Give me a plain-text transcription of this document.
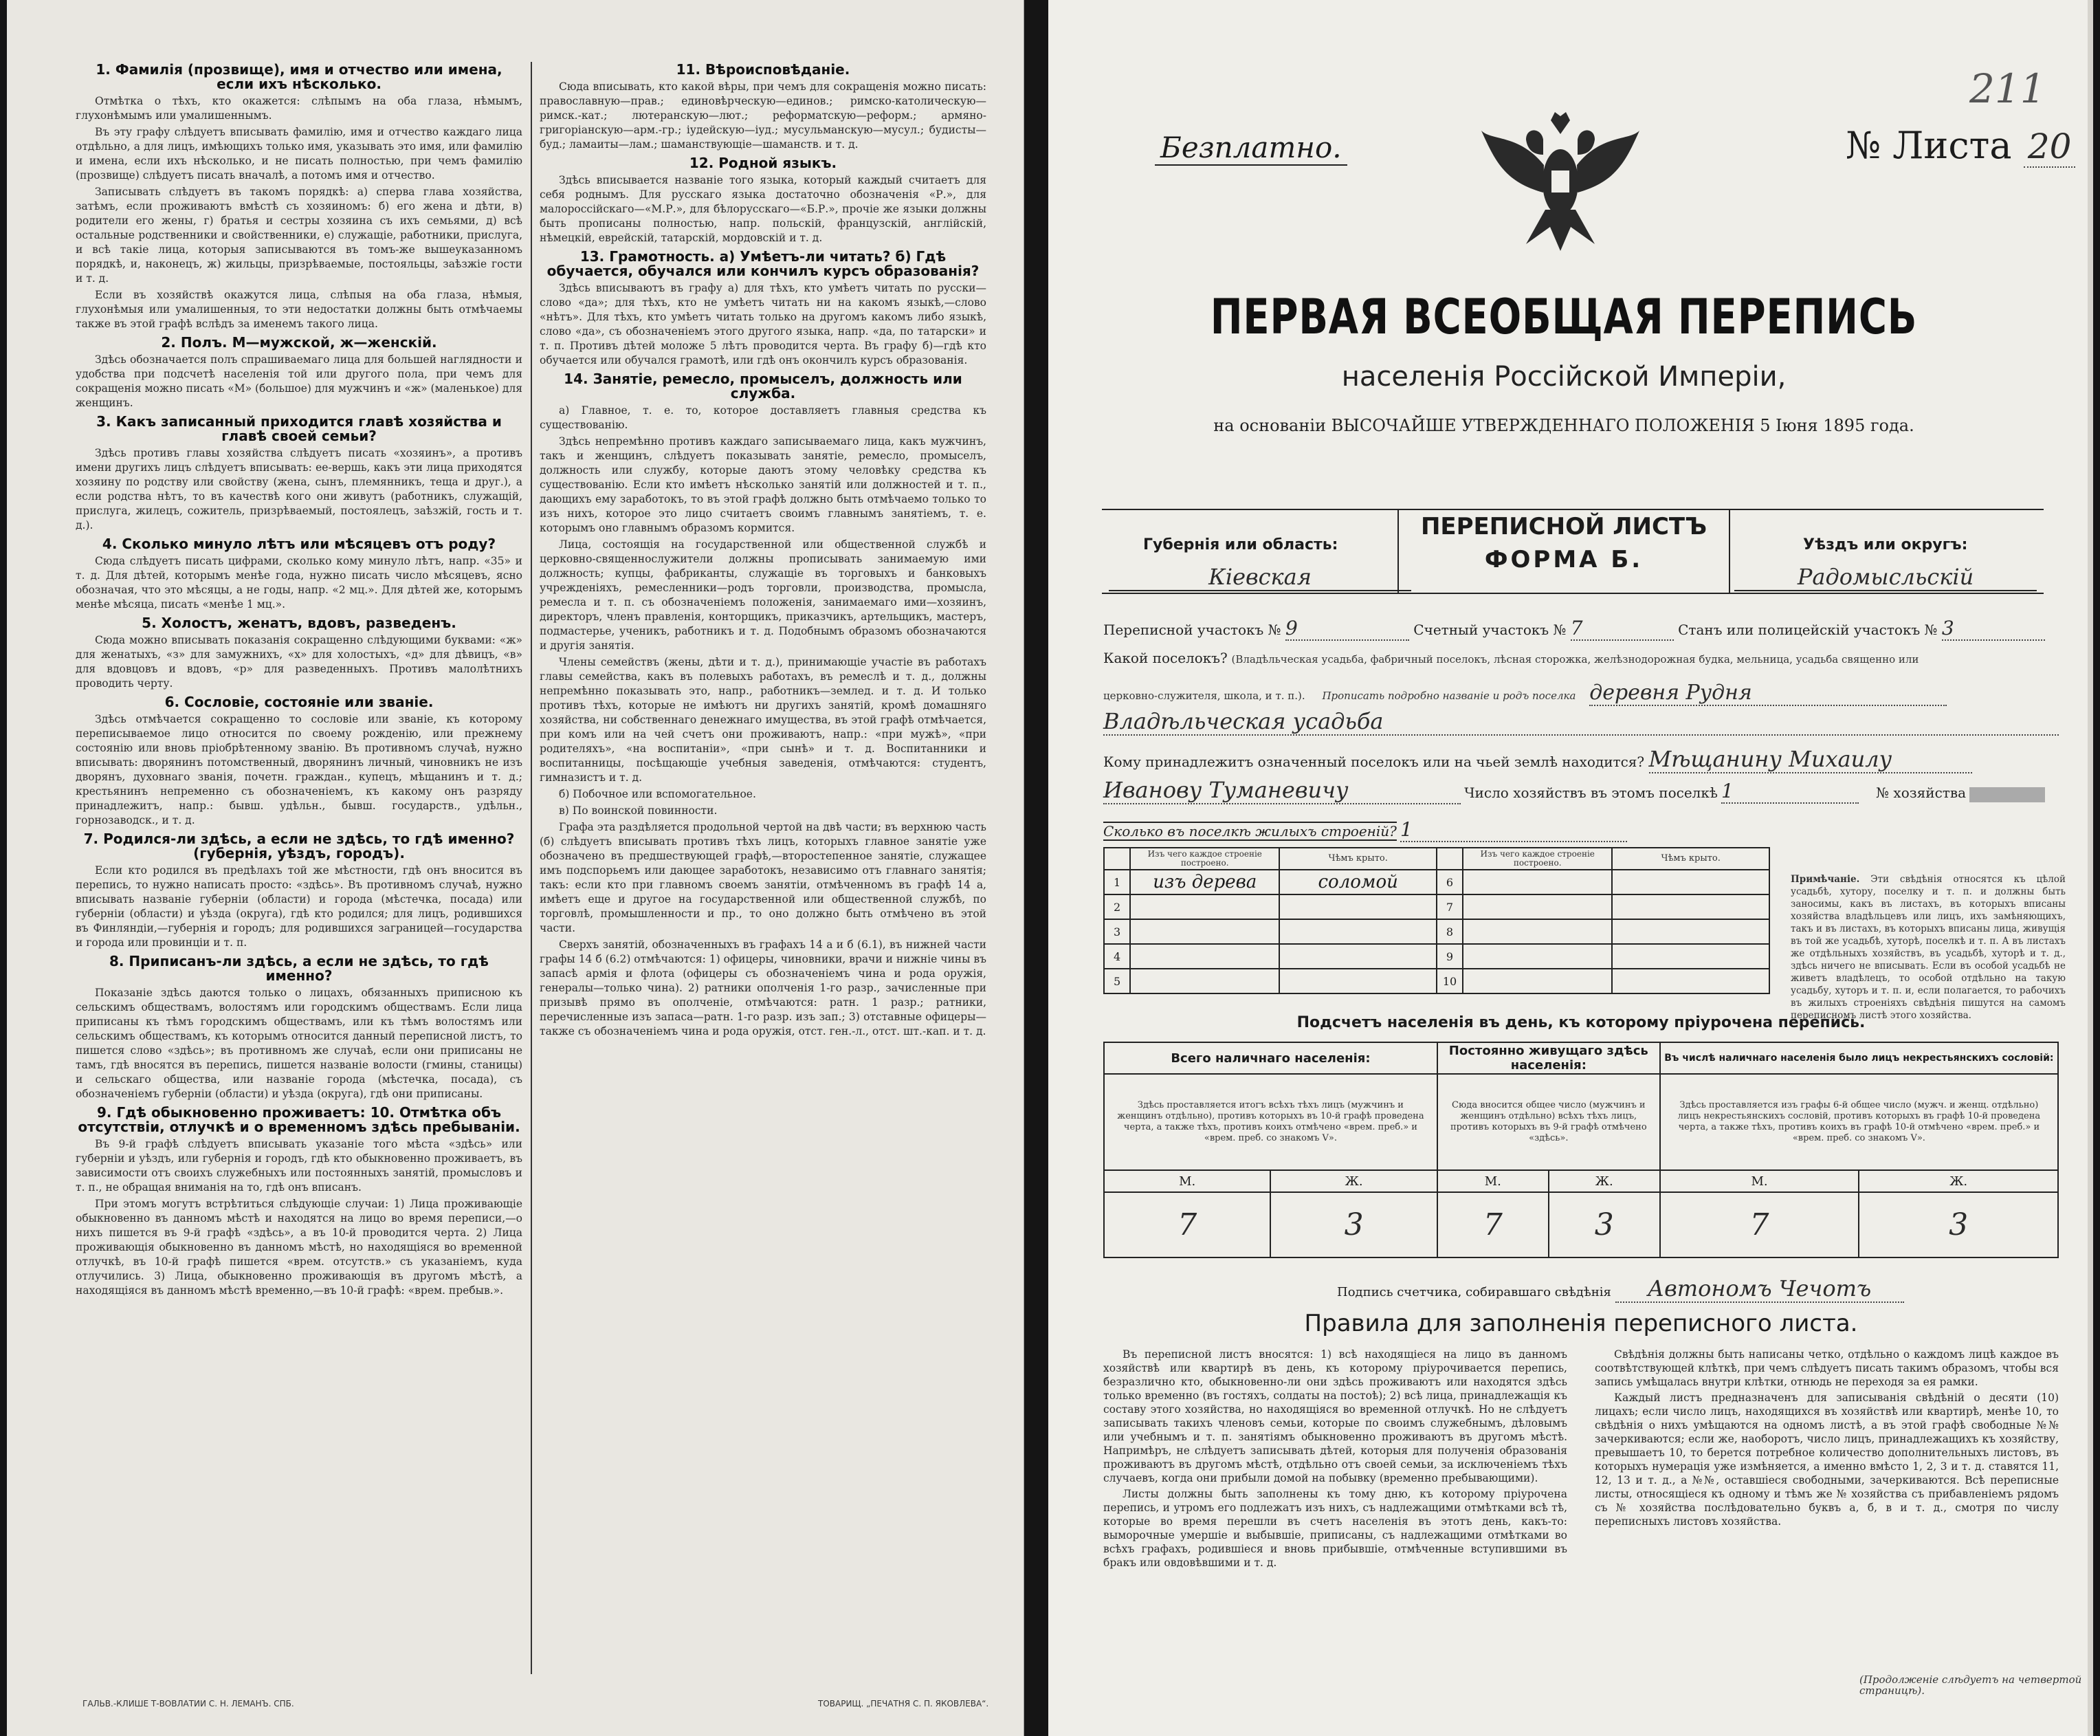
1. Фамилія (прозвище), имя и отчество или имена, если ихъ нѣсколько.

Отмѣтка о тѣхъ, кто окажется: слѣпымъ на оба глаза, нѣмымъ, глухонѣмымъ или умалишеннымъ.

Въ эту графу слѣдуетъ вписывать фамилію, имя и отчество каждаго лица отдѣльно, а для лицъ, имѣющихъ только имя, указывать это имя, или фамилію и имена, если ихъ нѣсколько, и не писать полностью, при чемъ фамилію (прозвище) слѣдуетъ писать вначалѣ, а потомъ имя и отчество.

Записывать слѣдуетъ въ такомъ порядкѣ: а) сперва глава хозяйства, затѣмъ, если проживаютъ вмѣстѣ съ хозяиномъ: б) его жена и дѣти, в) родители его жены, г) братья и сестры хозяина съ ихъ семьями, д) всѣ остальные родственники и свойственники, е) служащіе, работники, прислуга, и всѣ такіе лица, которыя записываются въ томъ-же вышеуказанномъ порядкѣ, и, наконецъ, ж) жильцы, призрѣваемые, постояльцы, заѣзжіе гости и т. д.

Если въ хозяйствѣ окажутся лица, слѣпыя на оба глаза, нѣмыя, глухонѣмыя или умалишенныя, то эти недостатки должны быть отмѣчаемы также въ этой графѣ вслѣдъ за именемъ такого лица.

2. Полъ. М—мужской, ж—женскій.

Здѣсь обозначается полъ спрашиваемаго лица для большей наглядности и удобства при подсчетѣ населенія той или другого пола, при чемъ для сокращенія можно писать «М» (большое) для мужчинъ и «ж» (маленькое) для женщинъ.

3. Какъ записанный приходится главѣ хозяйства и главѣ своей семьи?

Здѣсь противъ главы хозяйства слѣдуетъ писать «хозяинъ», а противъ имени другихъ лицъ слѣдуетъ вписывать: ее-вершь, какъ эти лица приходятся хозяину по родству или свойству (жена, сынъ, племянникъ, теща и друг.), а если родства нѣтъ, то въ качествѣ кого они живутъ (работникъ, служащій, прислуга, жилецъ, сожитель, призрѣваемый, постоялецъ, заѣзжій, гость и т. д.).

4. Сколько минуло лѣтъ или мѣсяцевъ отъ роду?

Сюда слѣдуетъ писать цифрами, сколько кому минуло лѣтъ, напр. «35» и т. д. Для дѣтей, которымъ менѣе года, нужно писать число мѣсяцевъ, ясно обозначая, что это мѣсяцы, а не годы, напр. «2 мц.». Для дѣтей же, которымъ менѣе мѣсяца, писать «менѣе 1 мц.».

5. Холостъ, женатъ, вдовъ, разведенъ.

Сюда можно вписывать показанія сокращенно слѣдующими буквами: «ж» для женатыхъ, «з» для замужнихъ, «х» для холостыхъ, «д» для дѣвицъ, «в» для вдовцовъ и вдовъ, «р» для разведенныхъ. Противъ малолѣтнихъ проводить черту.

6. Сословіе, состояніе или званіе.

Здѣсь отмѣчается сокращенно то сословіе или званіе, къ которому переписываемое лицо относится по своему рожденію, или прежнему состоянію или вновь пріобрѣтенному званію. Въ противномъ случаѣ, нужно вписывать: дворянинъ потомственный, дворянинъ личный, чиновникъ не изъ дворянъ, духовнаго званія, почетн. граждан., купецъ, мѣщанинъ и т. д.; крестьянинъ непременно съ обозначеніемъ, къ какому онъ разряду принадлежитъ, напр.: бывш. удѣльн., бывш. государств., удѣльн., горнозаводск., и т. д.

7. Родился-ли здѣсь, а если не здѣсь, то гдѣ именно? (губернія, уѣздъ, городъ).

Если кто родился въ предѣлахъ той же мѣстности, гдѣ онъ вносится въ перепись, то нужно написать просто: «здѣсь». Въ противномъ случаѣ, нужно вписывать названіе губерніи (области) и города (мѣстечка, посада) или губерніи (области) и уѣзда (округа), гдѣ кто родился; для лицъ, родившихся въ Финляндіи,—губернія и городъ; для родившихся заграницей—государства и города или провинціи и т. п.

8. Приписанъ-ли здѣсь, а если не здѣсь, то гдѣ именно?

Показаніе здѣсь даются только о лицахъ, обязанныхъ приписною къ сельскимъ обществамъ, волостямъ или городскимъ обществамъ. Если лица приписаны къ тѣмъ городскимъ обществамъ, или къ тѣмъ волостямъ или сельскимъ обществамъ, къ которымъ относится данный переписной листъ, то пишется слово «здѣсь»; въ противномъ же случаѣ, если они приписаны не тамъ, гдѣ вносятся въ перепись, пишется названіе волости (гмины, станицы) и сельскаго общества, или названіе города (мѣстечка, посада), съ обозначеніемъ губерніи (области) и уѣзда (округа), гдѣ они приписаны.

9. Гдѣ обыкновенно проживаетъ: 10. Отмѣтка объ отсутствіи, отлучкѣ и о временномъ здѣсь пребываніи.

Въ 9-й графѣ слѣдуетъ вписывать указаніе того мѣста «здѣсь» или губерніи и уѣздъ, или губернія и городъ, гдѣ кто обыкновенно проживаетъ, въ зависимости отъ своихъ служебныхъ или постоянныхъ занятій, промысловъ и т. п., не обращая вниманія на то, гдѣ онъ вписанъ.

При этомъ могутъ встрѣтиться слѣдующіе случаи: 1) Лица проживающіе обыкновенно въ данномъ мѣстѣ и находятся на лицо во время переписи,—о нихъ пишется въ 9-й графѣ «здѣсь», а въ 10-й проводится черта. 2) Лица проживающія обыкновенно въ данномъ мѣстѣ, но находящіяся во временной отлучкѣ, въ 10-й графѣ пишется «врем. отсутств.» съ указаніемъ, куда отлучились. 3) Лица, обыкновенно проживающія въ другомъ мѣстѣ, а находящіяся въ данномъ мѣстѣ временно,—въ 10-й графѣ: «врем. пребыв.».

11. Вѣроисповѣданіе.

Сюда вписывать, кто какой вѣры, при чемъ для сокращенія можно писать: православную—прав.; единовѣрческую—единов.; римско-католическую—римск.-кат.; лютеранскую—лют.; реформатскую—реформ.; армяно-григоріанскую—арм.-гр.; іудейскую—іуд.; мусульманскую—мусул.; будисты—буд.; ламаиты—лам.; шаманствующіе—шаманств. и т. д.

12. Родной языкъ.

Здѣсь вписывается названіе того языка, который каждый считаетъ для себя роднымъ. Для русскаго языка достаточно обозначенія «Р.», для малороссійскаго—«М.Р.», для бѣлорусскаго—«Б.Р.», прочіе же языки должны быть прописаны полностью, напр. польскій, французскій, англійскій, нѣмецкій, еврейскій, татарскій, мордовскій и т. д.

13. Грамотность. а) Умѣетъ-ли читать? б) Гдѣ обучается, обучался или кончилъ курсъ образованія?

Здѣсь вписываютъ въ графу а) для тѣхъ, кто умѣетъ читать по русски—слово «да»; для тѣхъ, кто не умѣетъ читать ни на какомъ языкѣ,—слово «нѣтъ». Для тѣхъ, кто умѣетъ читать только на другомъ какомъ либо языкѣ, слово «да», съ обозначеніемъ этого другого языка, напр. «да, по татарски» и т. п. Противъ дѣтей моложе 5 лѣтъ проводится черта. Въ графу б)—гдѣ кто обучается или обучался грамотѣ, или гдѣ онъ окончилъ курсъ образованія.

14. Занятіе, ремесло, промыселъ, должность или служба.

а) Главное, т. е. то, которое доставляетъ главныя средства къ существованію.

Здѣсь непремѣнно противъ каждаго записываемаго лица, какъ мужчинъ, такъ и женщинъ, слѣдуетъ показывать занятіе, ремесло, промыселъ, должность или службу, которые даютъ этому человѣку средства къ существованію. Если кто имѣетъ нѣсколько занятій или должностей и т. п., дающихъ ему заработокъ, то въ этой графѣ должно быть отмѣчаемо только то изъ нихъ, которое это лицо считаетъ своимъ главнымъ занятіемъ, т. е. которымъ оно главнымъ образомъ кормится.

Лица, состоящія на государственной или общественной службѣ и церковно-священнослужители должны прописывать занимаемую ими должность; купцы, фабриканты, служащіе въ торговыхъ и банковыхъ учрежденіяхъ, ремесленники—родъ торговли, производства, промысла, ремесла и т. п. съ обозначеніемъ положенія, занимаемаго ими—хозяинъ, директоръ, членъ правленія, конторщикъ, приказчикъ, артельщикъ, мастеръ, подмастерье, ученикъ, работникъ и т. д. Подобнымъ образомъ обозначаются и другія занятія.

Члены семействъ (жены, дѣти и т. д.), принимающіе участіе въ работахъ главы семейства, какъ въ полевыхъ работахъ, въ ремеслѣ и т. д., должны непремѣнно показывать это, напр., работникъ—землед. и т. д. И только противъ тѣхъ, которые не имѣютъ ни другихъ занятій, кромѣ домашняго хозяйства, ни собственнаго денежнаго имущества, въ этой графѣ отмѣчается, при комъ или на чей счетъ они проживаютъ, напр.: «при мужѣ», «при родителяхъ», «на воспитаніи», «при сынѣ» и т. д. Воспитанники и воспитанницы, посѣщающіе учебныя заведенія, отмѣчаются: студентъ, гимназистъ и т. д.

б) Побочное или вспомогательное.

в) По воинской повинности.

Графа эта раздѣляется продольной чертой на двѣ части; въ верхнюю часть (б) слѣдуетъ вписывать противъ тѣхъ лицъ, которыхъ главное занятіе уже обозначено въ предшествующей графѣ,—второстепенное занятіе, служащее имъ подспорьемъ или дающее заработокъ, независимо отъ главнаго занятія; такъ: если кто при главномъ своемъ занятіи, отмѣченномъ въ графѣ 14 а, имѣетъ еще и другое на государственной или общественной службѣ, по торговлѣ, промышленности и пр., то оно должно быть отмѣчено въ этой части.

Сверхъ занятій, обозначенныхъ въ графахъ 14 а и б (6.1), въ нижней части графы 14 б (6.2) отмѣчаются: 1) офицеры, чиновники, врачи и нижніе чины въ запасѣ армія и флота (офицеры съ обозначеніемъ чина и рода оружія, генералы—только чина). 2) ратники ополченія 1-го разр., зачисленные при призывѣ прямо въ ополченіе, отмѣчаются: ратн. 1 разр.; ратники, перечисленные изъ запаса—ратн. 1-го разр. изъ зап.; 3) отставные офицеры—также съ обозначеніемъ чина и рода оружія, отст. ген.-л., отст. шт.-кап. и т. д.

ГАЛЬВ.-КЛИШЕ Т-ВОВЛАТИИ С. Н. ЛЕМАНЪ. СПБ.	ТОВАРИЩ. „ПЕЧАТНЯ С. П. ЯКОВЛЕВА“.
211
Безплатно.	№ Листа 20
ПЕРВАЯ ВСЕОБЩАЯ ПЕРЕПИСЬ
населенія Россійской Имперіи,
на основаніи ВЫСОЧАЙШЕ УТВЕРЖДЕННАГО ПОЛОЖЕНІЯ 5 Іюня 1895 года.
Губернія или область:
Кіевская
ПЕРЕПИСНОЙ ЛИСТЪ
ФОРМА Б.
Уѣздъ или округъ:
Радомысльскій
Переписной участокъ № 9	Счетный участокъ № 7	Станъ или полицейскій участокъ № 3
Какой поселокъ? (Владѣльческая усадьба, фабричный поселокъ, лѣсная сторожка, желѣзнодорожная будка, мельница, усадьба священно или
церковно-служителя, школа, и т. п.). Прописать подробно названіе и родъ поселка деревня Рудня
Владѣльческая усадьба
Кому принадлежитъ означенный поселокъ или на чьей землѣ находится? Мѣщанину Михаилу
Иванову Туманевичу	Число хозяйствъ въ этомъ поселкѣ 1	№ хозяйства
Сколько въ поселкѣ жилыхъ строеній? 1
	Изъ чего каждое строеніе построено.	Чѣмъ крыто.		Изъ чего каждое строеніе построено.	Чѣмъ крыто.
1	изъ дерева	соломой	6		
2			7		
3			8		
4			9		
5			10		
Примѣчаніе. Эти свѣдѣнія относятся къ цѣлой усадьбѣ, хутору, поселку и т. п. и должны быть заносимы, какъ въ листахъ, въ которыхъ вписаны хозяйства владѣльцевъ или лицъ, ихъ замѣняющихъ, такъ и въ листахъ, въ которыхъ вписаны лица, живущія въ той же усадьбѣ, хуторѣ, поселкѣ и т. п. А въ листахъ же отдѣльныхъ хозяйствъ, въ усадьбѣ, хуторѣ и т. д., здѣсь ничего не вписывать. Если въ особой усадьбѣ не живетъ владѣлецъ, то особой отдѣльно на такую усадьбу, хуторъ и т. п. и, если полагается, то рабочихъ въ жилыхъ строеніяхъ свѣдѣнія пишутся на самомъ переписномъ листѣ этого хозяйства.
Подсчетъ населенія въ день, къ которому пріурочена перепись.
Всего наличнаго населенія:		Постоянно живущаго здѣсь населенія:		Въ числѣ наличнаго населенія было лицъ некрестьянскихъ сословій:	
Здѣсь проставляется итогъ всѣхъ тѣхъ лицъ (мужчинъ и женщинъ отдѣльно), противъ которыхъ въ 10-й графѣ проведена черта, а также тѣхъ, противъ коихъ отмѣчено «врем. преб.» и «врем. преб. со знакомъ V».		Сюда вносится общее число (мужчинъ и женщинъ отдѣльно) всѣхъ тѣхъ лицъ, противъ которыхъ въ 9-й графѣ отмѣчено «здѣсь».		Здѣсь проставляется изъ графы 6-й общее число (мужч. и женщ. отдѣльно) лицъ некрестьянскихъ сословій, противъ которыхъ въ графѣ 10-й проведена черта, а также тѣхъ, противъ коихъ въ графѣ 10-й отмѣчено «врем. преб.» и «врем. преб. со знакомъ V».	
М.	Ж.	М.	Ж.	М.	Ж.
7	3	7	3	7	3
Подпись счетчика, собиравшаго свѣдѣнія Автономъ Чечотъ
Правила для заполненія переписного листа.

Въ переписной листъ вносятся: 1) всѣ находящіеся на лицо въ данномъ хозяйствѣ или квартирѣ въ день, къ которому пріурочивается перепись, безразлично кто, обыкновенно-ли они здѣсь проживаютъ или находятся здѣсь только временно (въ гостяхъ, солдаты на постоѣ); 2) всѣ лица, принадлежащія къ составу этого хозяйства, но находящіяся во временной отлучкѣ. Но не слѣдуетъ записывать такихъ членовъ семьи, которые по своимъ служебнымъ, дѣловымъ или учебнымъ и т. п. занятіямъ обыкновенно проживаютъ въ другомъ мѣстѣ. Напримѣръ, не слѣдуетъ записывать дѣтей, которыя для полученія образованія проживаютъ въ другомъ мѣстѣ, отдѣльно отъ своей семьи, за исключеніемъ тѣхъ случаевъ, когда они прибыли домой на побывку (временно пребывающими).

Листы должны быть заполнены къ тому дню, къ которому пріурочена перепись, и утромъ его подлежатъ изъ нихъ, съ надлежащими отмѣтками всѣ тѣ, которые во время перешли въ счетъ населенія въ этотъ день, какъ-то: выморочные умершіе и выбывшіе, приписаны, съ надлежащими отмѣтками во всѣхъ графахъ, родившіеся и вновь прибывшіе, отмѣченные вступившими въ бракъ или овдовѣвшими и т. д.

Свѣдѣнія должны быть написаны четко, отдѣльно о каждомъ лицѣ каждое въ соотвѣтствующей клѣткѣ, при чемъ слѣдуетъ писать такимъ образомъ, чтобы вся запись умѣщалась внутри клѣтки, отнюдь не переходя за ея рамки.

Каждый листъ предназначенъ для записыванія свѣдѣній о десяти (10) лицахъ; если число лицъ, находящихся въ хозяйствѣ или квартирѣ, менѣе 10, то свѣдѣнія о нихъ умѣщаются на одномъ листѣ, а въ этой графѣ свободные №№ зачеркиваются; если же, наоборотъ, число лицъ, принадлежащихъ къ хозяйству, превышаетъ 10, то берется потребное количество дополнительныхъ листовъ, въ которыхъ нумерація уже измѣняется, а именно вмѣсто 1, 2, 3 и т. д. ставятся 11, 12, 13 и т. д., а №№, оставшіеся свободными, зачеркиваются. Всѣ переписные листы, относящіеся къ одному и тѣмъ же № хозяйства съ прибавленіемъ рядомъ съ № хозяйства послѣдовательно буквъ а, б, в и т. д., смотря по числу переписныхъ листовъ хозяйства.

(Продолженіе слѣдуетъ на четвертой страницѣ).
